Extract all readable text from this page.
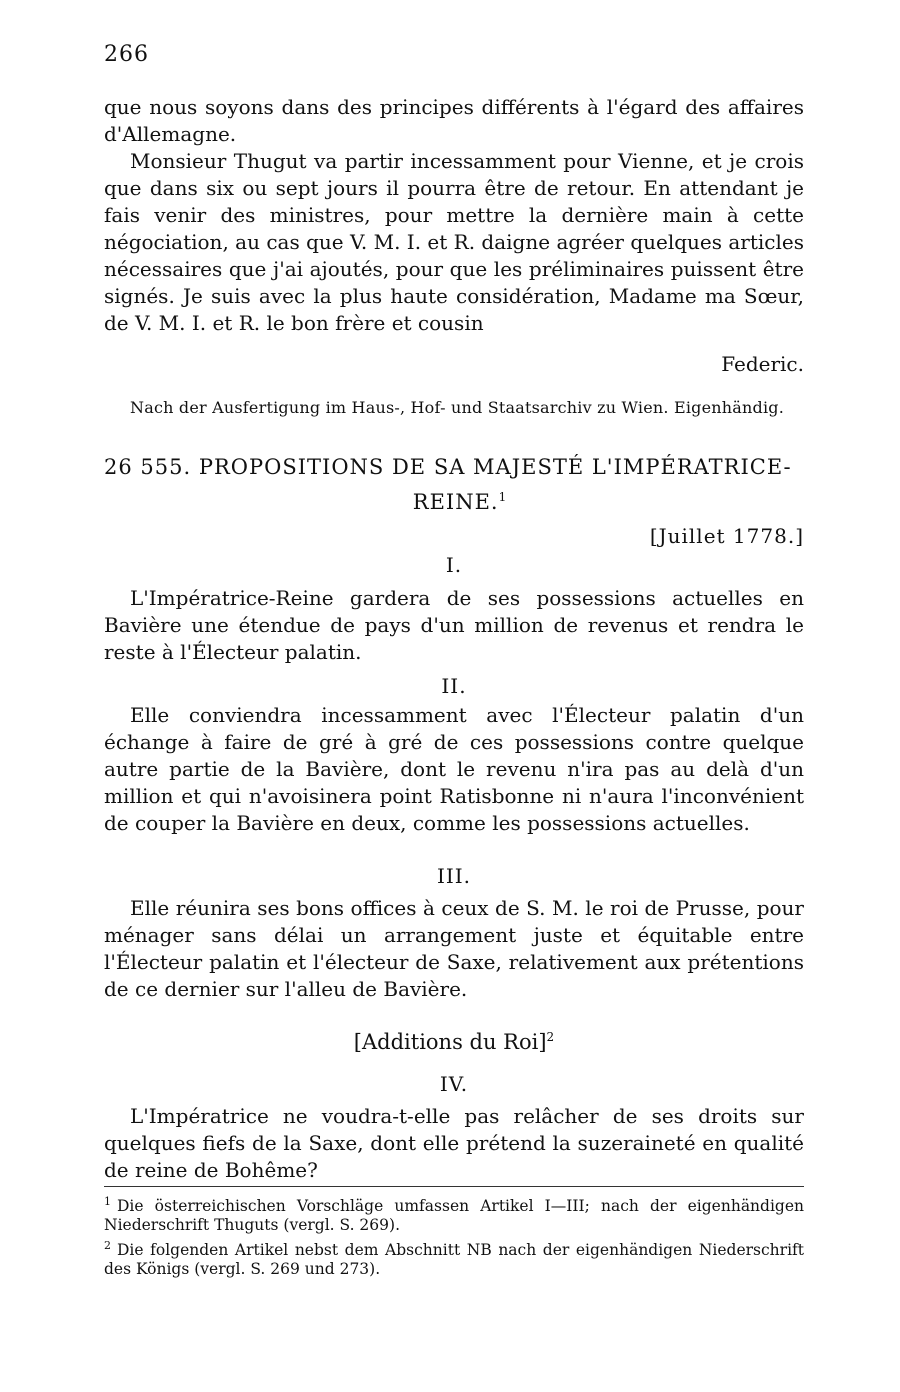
266

que nous soyons dans des principes différents à l'égard des affaires d'Allemagne.

Monsieur Thugut va partir incessamment pour Vienne, et je crois que dans six ou sept jours il pourra être de retour. En attendant je fais venir des ministres, pour mettre la dernière main à cette négociation, au cas que V. M. I. et R. daigne agréer quelques articles nécessaires que j'ai ajoutés, pour que les préliminaires puissent être signés. Je suis avec la plus haute considération, Madame ma Sœur, de V. M. I. et R. le bon frère et cousin

Federic.
Nach der Ausfertigung im Haus-, Hof- und Staatsarchiv zu Wien. Eigenhändig.
26 555. PROPOSITIONS DE SA MAJESTÉ L'IMPÉRATRICE-
REINE.$^1$
[Juillet 1778.]
I.

L'Impératrice-Reine gardera de ses possessions actuelles en Bavière une étendue de pays d'un million de revenus et rendra le reste à l'Électeur palatin.

II.

Elle conviendra incessamment avec l'Électeur palatin d'un échange à faire de gré à gré de ces possessions contre quelque autre partie de la Bavière, dont le revenu n'ira pas au delà d'un million et qui n'avoisinera point Ratisbonne ni n'aura l'inconvénient de couper la Bavière en deux, comme les possessions actuelles.

III.

Elle réunira ses bons offices à ceux de S. M. le roi de Prusse, pour ménager sans délai un arrangement juste et équitable entre l'Électeur palatin et l'électeur de Saxe, relativement aux prétentions de ce dernier sur l'alleu de Bavière.

[Additions du Roi]$^2$
IV.

L'Impératrice ne voudra-t-elle pas relâcher de ses droits sur quelques fiefs de la Saxe, dont elle prétend la suzeraineté en qualité de reine de Bohême?

$^1$ Die österreichischen Vorschläge umfassen Artikel I—III; nach der eigenhändigen Niederschrift Thuguts (vergl. S. 269).

$^2$ Die folgenden Artikel nebst dem Abschnitt NB nach der eigenhändigen Niederschrift des Königs (vergl. S. 269 und 273).
